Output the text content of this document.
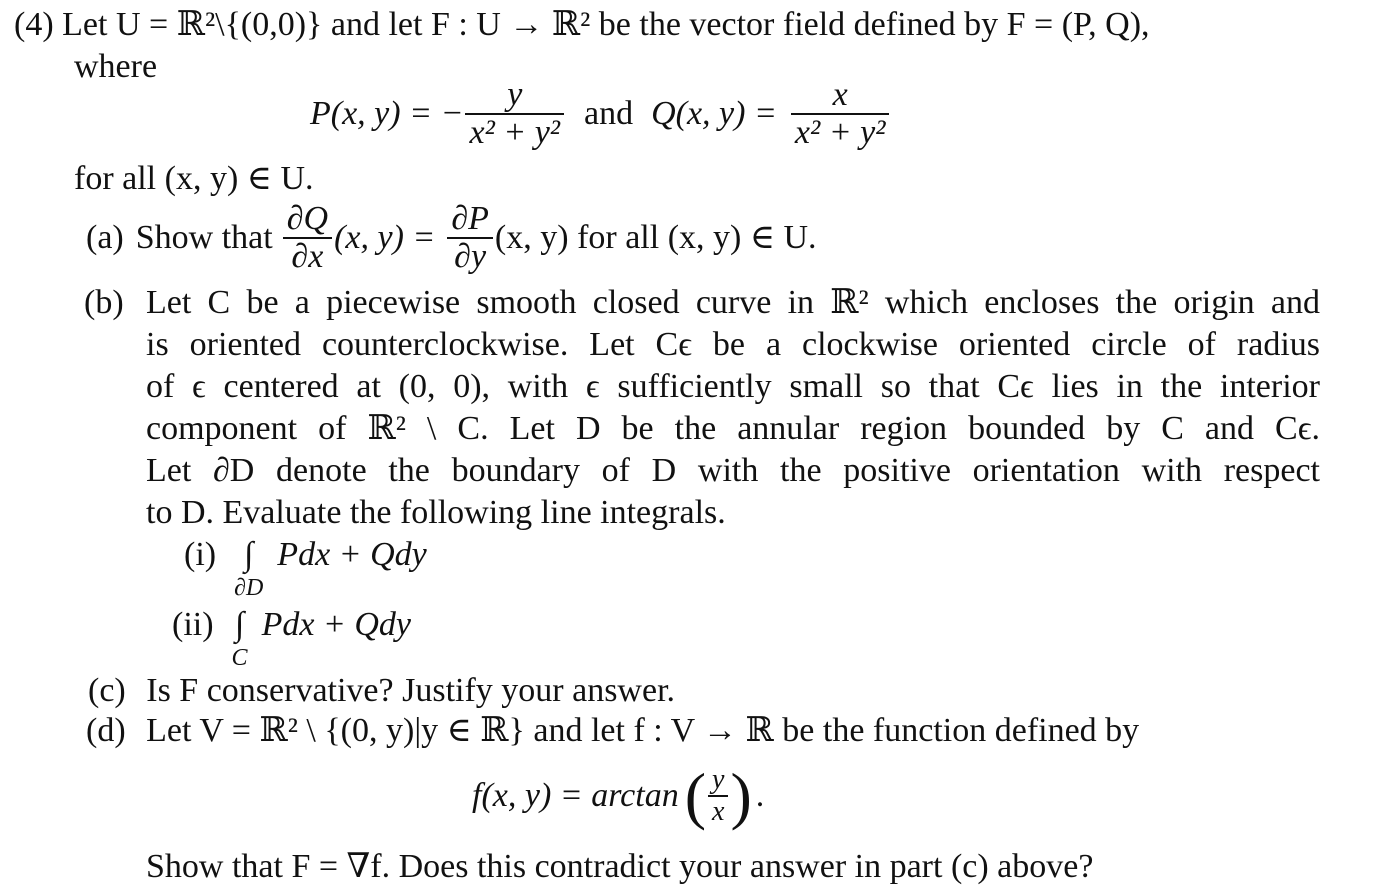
(4) Let U = ℝ²\{(0,0)} and let F : U → ℝ² be the vector field defined by F = (P, Q),
where
P(x, y) = − $\frac{y}{\text{x² + y²}}$ and Q(x, $y) = \frac{x}{\text{x² + y²}}$
for all (x, y) ∈ U.
(a) Show that $\frac{\partial Q}{\partial x} (x$, $y) = \frac{\partial P}{\partial y} (x$, y) for all (x, y) ∈ U.
(b) Let C be a piecewise smooth closed curve in ℝ² which encloses the origin and
is oriented counterclockwise. Let Cϵ be a clockwise oriented circle of radius
of ϵ centered at (0, 0), with ϵ sufficiently small so that Cϵ lies in the interior
component of ℝ² \ C. Let D be the annular region bounded by C and Cϵ.
Let ∂D denote the boundary of D with the positive orientation with respect
to D. Evaluate the following line integrals.
(i) ∫
∂D
Pdx + Qdy
(ii) ∫
C
Pdx + Qdy
(c) Is F conservative? Justify your answer.
(d) Let V = ℝ² \ {(0, y)|y ∈ ℝ} and let f : V → ℝ be the function defined by
f(x, y) = arctan ( $\frac{y}{x}$ ) .
Show that F = ∇f. Does this contradict your answer in part (c) above?
